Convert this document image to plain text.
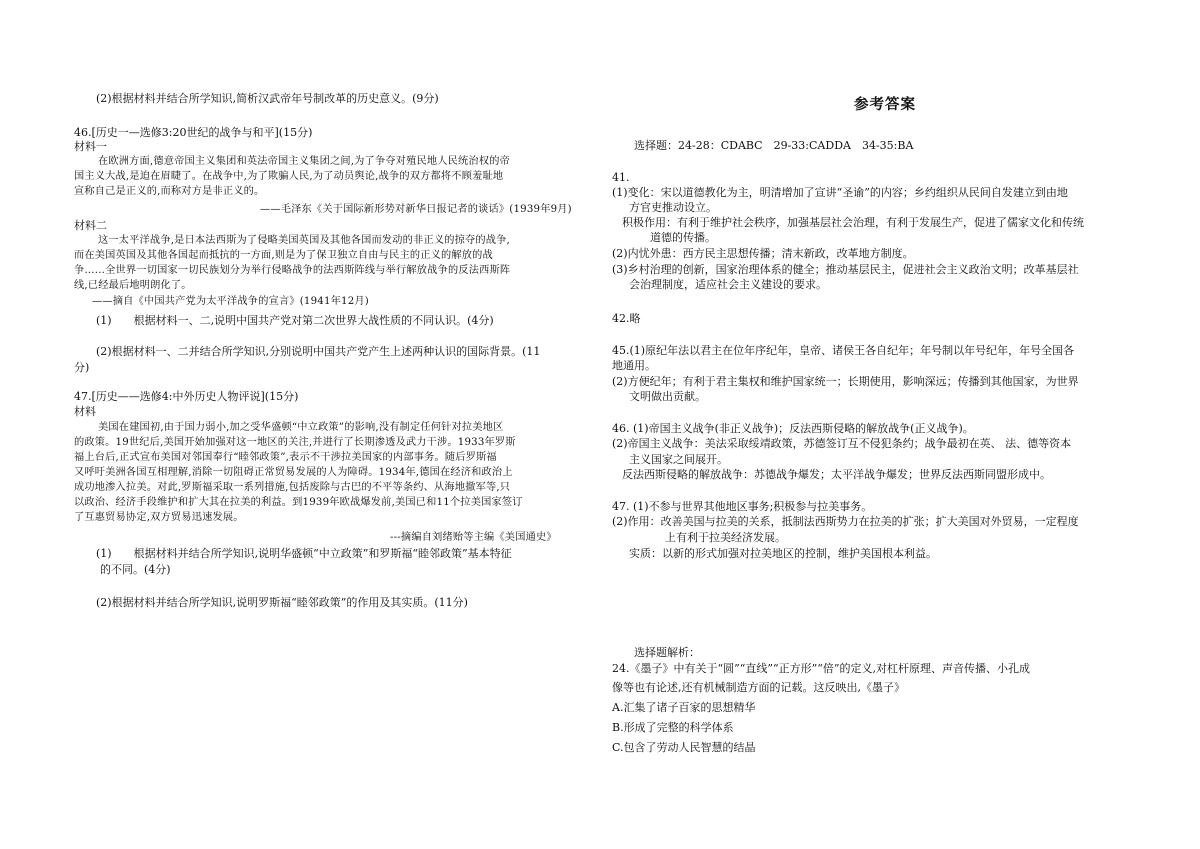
(2)根据材料并结合所学知识,简析汉武帝年号制改革的历史意义。(9分)
46.[历史一—选修3:20世纪的战争与和平](15分)
材料一
在欧洲方面,德意帝国主义集团和英法帝国主义集团之间,为了争夺对殖民地人民统治权的帝
国主义大战,是迫在眉睫了。在战争中,为了欺骗人民,为了动员舆论,战争的双方都将不顾羞耻地
宣称自己是正义的,而称对方是非正义的。
——毛泽东《关于国际新形势对新华日报记者的谈话》(1939年9月)
材料二
这一太平洋战争,是日本法西斯为了侵略美国英国及其他各国而发动的非正义的掠夺的战争,
而在美国英国及其他各国起而抵抗的一方面,则是为了保卫独立自由与民主的正义的解放的战
争……全世界一切国家一切民族划分为举行侵略战争的法西斯阵线与举行解放战争的反法西斯阵
线,已经最后地明朗化了。
——摘自《中国共产党为太平洋战争的宣言》(1941年12月)
(1)　　根据材料一、二,说明中国共产党对第二次世界大战性质的不同认识。(4分)
(2)根据材料一、二并结合所学知识,分别说明中国共产党产生上述两种认识的国际背景。(11
分)
47.[历史——选修4:中外历史人物评说](15分)
材料
美国在建国初,由于国力弱小,加之受华盛顿“中立政策”的影响,没有制定任何针对拉美地区
的政策。19世纪后,美国开始加强对这一地区的关注,并进行了长期渗透及武力干涉。1933年罗斯
福上台后,正式宣布美国对邻国奉行“睦邻政策”,表示不干涉拉美国家的内部事务。随后罗斯福
又呼吁美洲各国互相理解,消除一切阻碍正常贸易发展的人为障碍。1934年,德国在经济和政治上
成功地渗入拉美。对此,罗斯福采取一系列措施,包括废除与古巴的不平等条约、从海地撤军等,只
以政治、经济手段维护和扩大其在拉美的利益。到1939年欧战爆发前,美国已和11个拉美国家签订
了互惠贸易协定,双方贸易迅速发展。
---摘编自刘绪贻等主编《美国通史》
(1)　　根据材料并结合所学知识,说明华盛顿“中立政策”和罗斯福“睦邻政策”基本特征
的不同。(4分)
(2)根据材料并结合所学知识,说明罗斯福“睦邻政策”的作用及其实质。(11分)
参考答案
选择题：24-28：CDABC　29-33:CADDA　34-35:BA
41.
(1)变化：宋以道德教化为主，明清增加了宣讲“圣谕”的内容；乡约组织从民间自发建立到由地
方官吏推动设立。
积极作用：有利于维护社会秩序，加强基层社会治理，有利于发展生产，促进了儒家文化和传统
道德的传播。
(2)内忧外患：西方民主思想传播；清末新政，改革地方制度。
(3)乡村治理的创新，国家治理体系的健全；推动基层民主，促进社会主义政治文明；改革基层社
会治理制度，适应社会主义建设的要求。
42.略
45.(1)原纪年法以君主在位年序纪年，皇帝、诸侯王各自纪年；年号制以年号纪年，年号全国各
地通用。
(2)方便纪年；有利于君主集权和维护国家统一；长期使用，影响深远；传播到其他国家，为世界
文明做出贡献。
46. (1)帝国主义战争(非正义战争)；反法西斯侵略的解放战争(正义战争)。
(2)帝国主义战争：美法采取绥靖政策，苏德签订互不侵犯条约；战争最初在英、 法、德等资本
主义国家之间展开。
反法西斯侵略的解放战争：苏德战争爆发；太平洋战争爆发；世界反法西斯同盟形成中。
47. (1)不参与世界其他地区事务;积极参与拉美事务。
(2)作用：改善美国与拉美的关系，抵制法西斯势力在拉美的扩张；扩大美国对外贸易，一定程度
上有利于拉美经济发展。
实质：以新的形式加强对拉美地区的控制，维护美国根本利益。
选择题解析：
24.《墨子》中有关于“圆”“直线”“正方形”“倍”的定义,对杠杆原理、声音传播、小孔成
像等也有论述,还有机械制造方面的记载。这反映出,《墨子》
A.汇集了诸子百家的思想精华
B.形成了完整的科学体系
C.包含了劳动人民智慧的结晶
